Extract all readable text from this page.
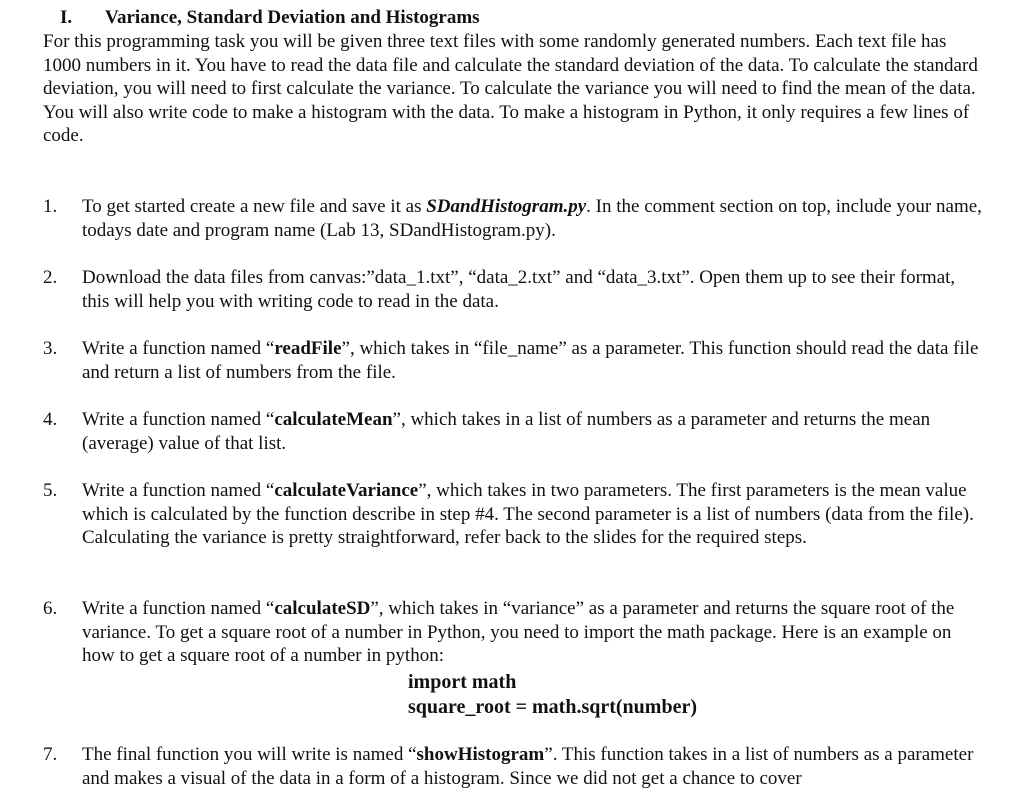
I. Variance, Standard Deviation and Histograms

For this programming task you will be given three text files with some randomly generated numbers. Each text file has 1000 numbers in it. You have to read the data file and calculate the standard deviation of the data. To calculate the standard deviation, you will need to first calculate the variance. To calculate the variance you will need to find the mean of the data. You will also write code to make a histogram with the data. To make a histogram in Python, it only requires a few lines of code.

1.	To get started create a new file and save it as SDandHistogram.py. In the comment section on top, include your name, todays date and program name (Lab 13, SDandHistogram.py).
2.	Download the data files from canvas:”data_1.txt”, “data_2.txt” and “data_3.txt”. Open them up to see their format, this will help you with writing code to read in the data.
3.	Write a function named “readFile”, which takes in “file_name” as a parameter. This function should read the data file and return a list of numbers from the file.
4.	Write a function named “calculateMean”, which takes in a list of numbers as a parameter and returns the mean (average) value of that list.
5.	Write a function named “calculateVariance”, which takes in two parameters. The first parameters is the mean value which is calculated by the function describe in step #4. The second parameter is a list of numbers (data from the file). Calculating the variance is pretty straightforward, refer back to the slides for the required steps.
6.	Write a function named “calculateSD”, which takes in “variance” as a parameter and returns the square root of the variance. To get a square root of a number in Python, you need to import the math package. Here is an example on how to get a square root of a number in python:
import math
square_root = math.sqrt(number)
7.	The final function you will write is named “showHistogram”. This function takes in a list of numbers as a parameter and makes a visual of the data in a form of a histogram. Since we did not get a chance to cover
